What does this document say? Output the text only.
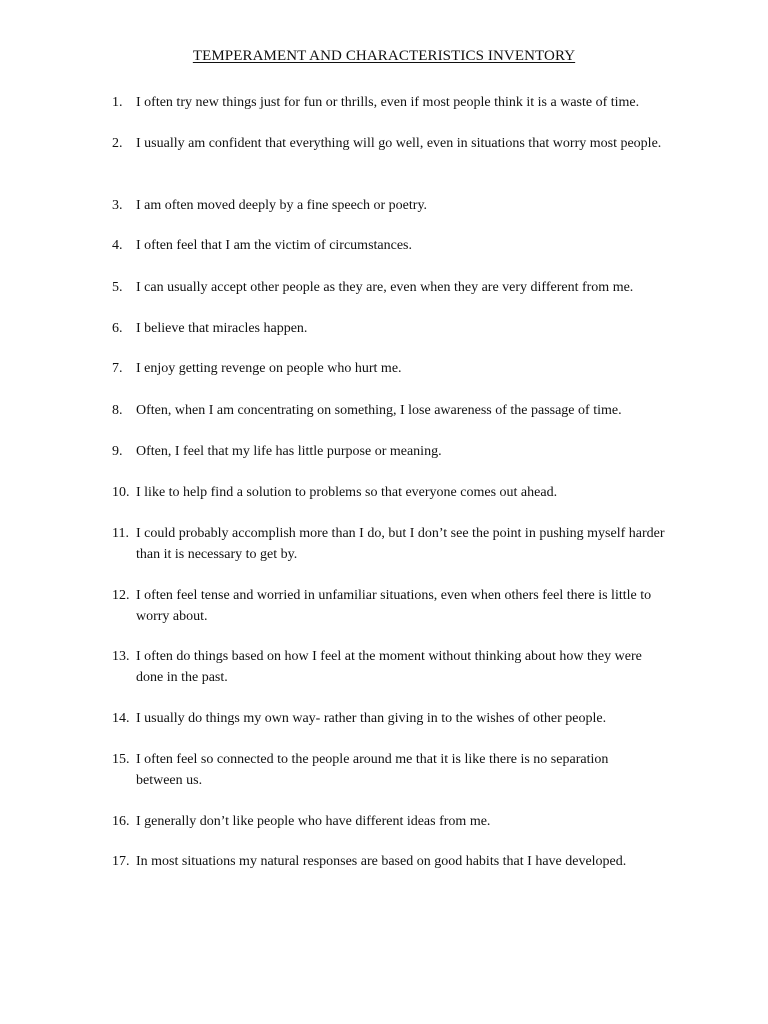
TEMPERAMENT AND CHARACTERISTICS INVENTORY
1. I often try new things just for fun or thrills, even if most people think it is a waste of time.
2. I usually am confident that everything will go well, even in situations that worry most people.
3. I am often moved deeply by a fine speech or poetry.
4. I often feel that I am the victim of circumstances.
5. I can usually accept other people as they are, even when they are very different from me.
6. I believe that miracles happen.
7. I enjoy getting revenge on people who hurt me.
8. Often, when I am concentrating on something, I lose awareness of the passage of time.
9. Often, I feel that my life has little purpose or meaning.
10. I like to help find a solution to problems so that everyone comes out ahead.
11. I could probably accomplish more than I do, but I don’t see the point in pushing myself harder than it is necessary to get by.
12. I often feel tense and worried in unfamiliar situations, even when others feel there is little to worry about.
13. I often do things based on how I feel at the moment without thinking about how they were done in the past.
14. I usually do things my own way- rather than giving in to the wishes of other people.
15. I often feel so connected to the people around me that it is like there is no separation between us.
16. I generally don’t like people who have different ideas from me.
17. In most situations my natural responses are based on good habits that I have developed.
